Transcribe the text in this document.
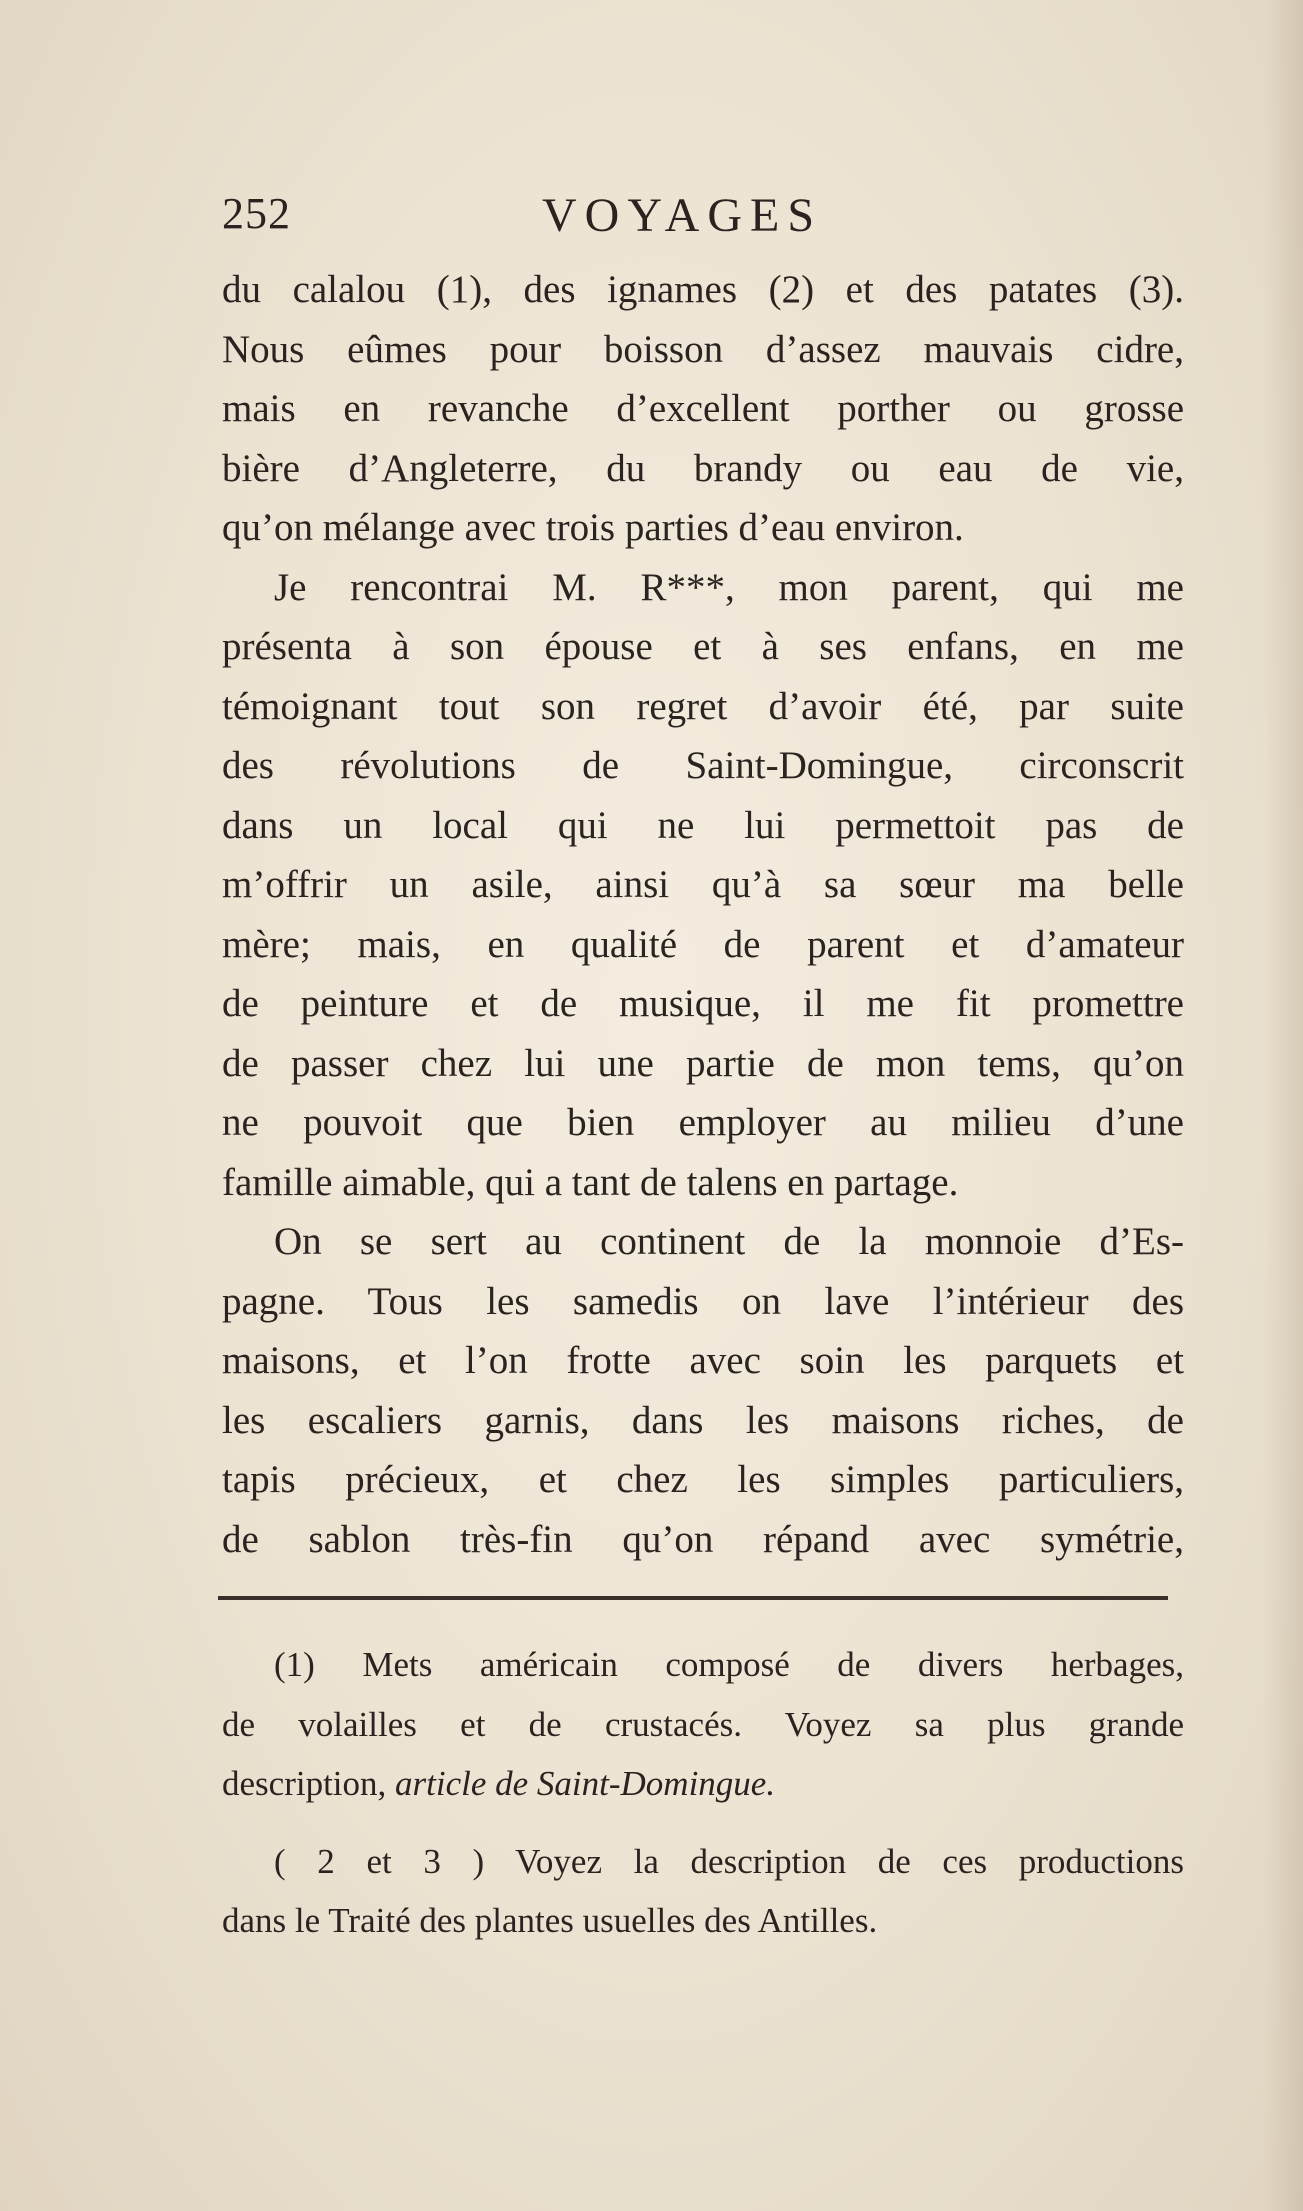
252	VOYAGES
du calalou (1), des ignames (2) et des patates (3).
Nous eûmes pour boisson d’assez mauvais cidre,
mais en revanche d’excellent porther ou grosse
bière d’Angleterre, du brandy ou eau de vie,
qu’on mélange avec trois parties d’eau environ.
Je rencontrai M. R***, mon parent, qui me
présenta à son épouse et à ses enfans, en me
témoignant tout son regret d’avoir été, par suite
des révolutions de Saint-Domingue, circonscrit
dans un local qui ne lui permettoit pas de
m’offrir un asile, ainsi qu’à sa sœur ma belle
mère; mais, en qualité de parent et d’amateur
de peinture et de musique, il me fit promettre
de passer chez lui une partie de mon tems, qu’on
ne pouvoit que bien employer au milieu d’une
famille aimable, qui a tant de talens en partage.
On se sert au continent de la monnoie d’Es-
pagne. Tous les samedis on lave l’intérieur des
maisons, et l’on frotte avec soin les parquets et
les escaliers garnis, dans les maisons riches, de
tapis précieux, et chez les simples particuliers,
de sablon très-fin qu’on répand avec symétrie,
(1) Mets américain composé de divers herbages,
de volailles et de crustacés. Voyez sa plus grande
description, article de Saint-Domingue.
( 2 et 3 ) Voyez la description de ces productions
dans le Traité des plantes usuelles des Antilles.
